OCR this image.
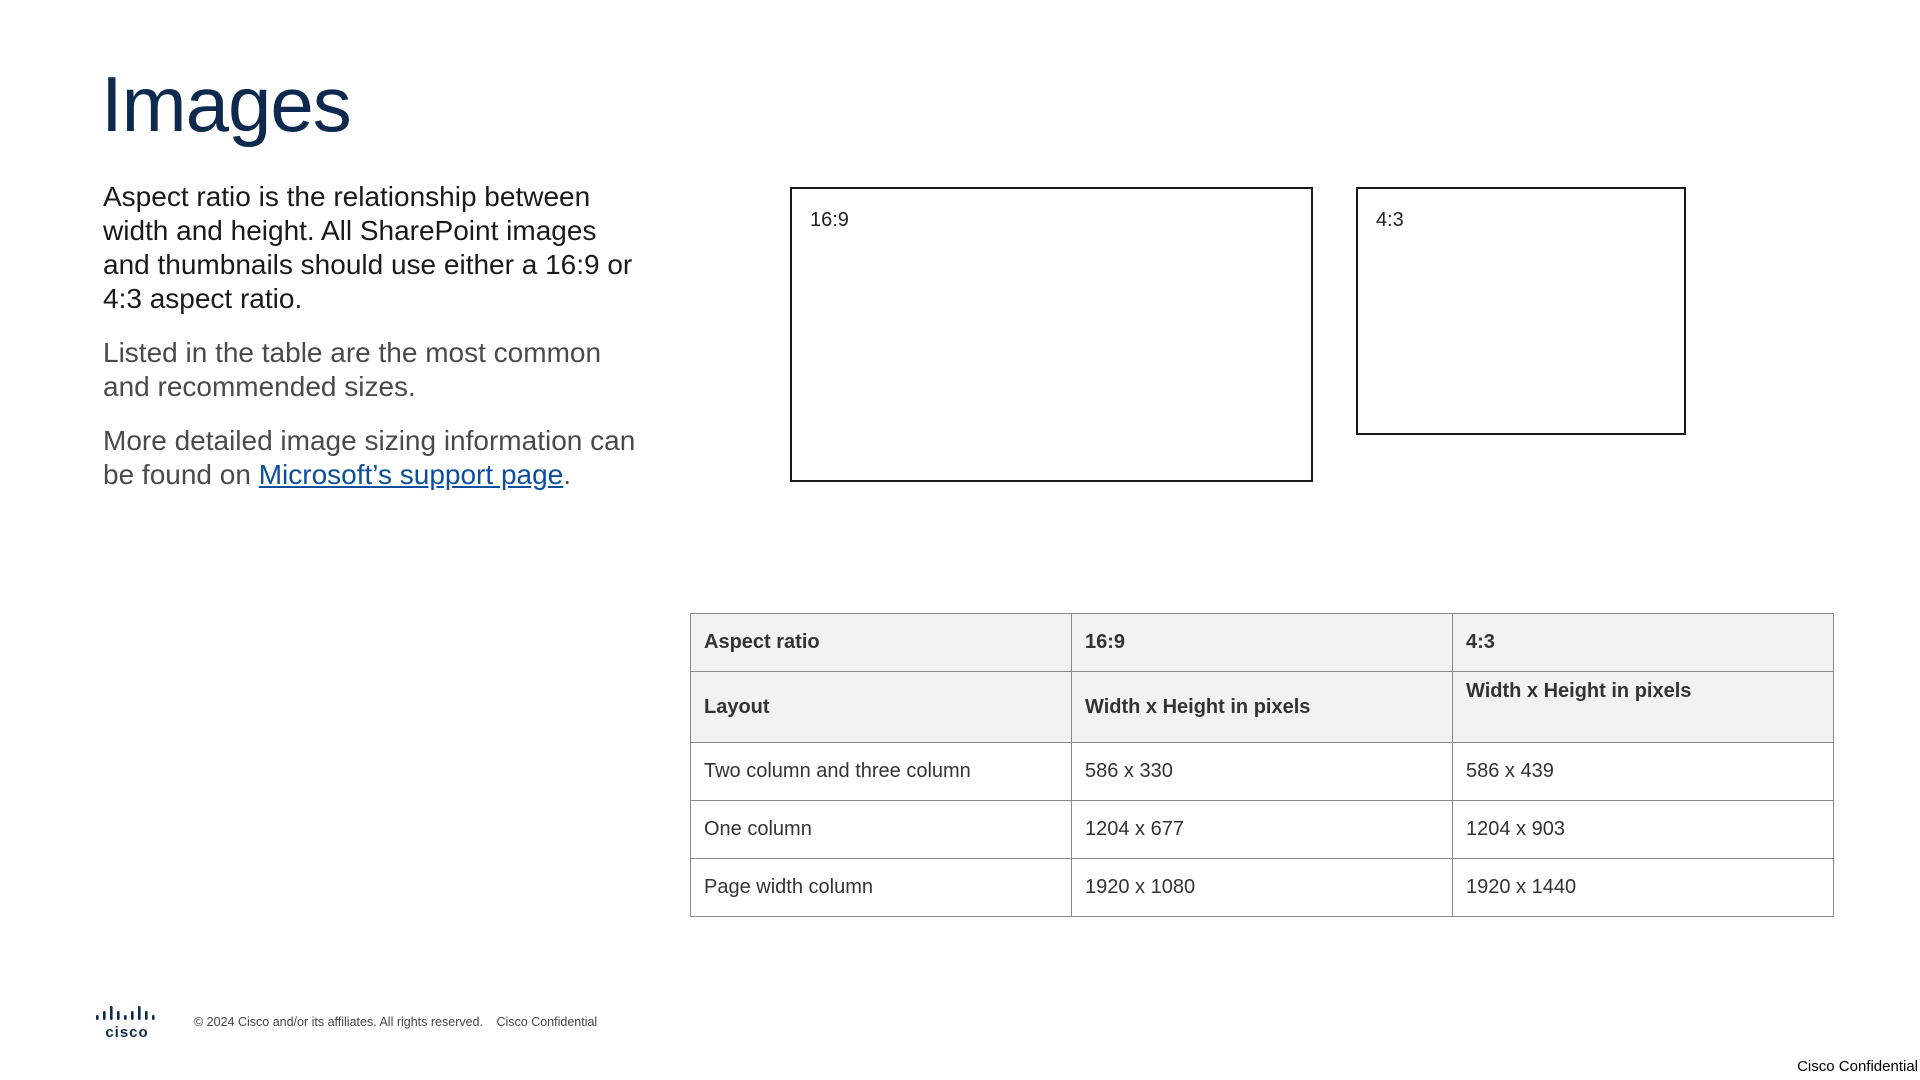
Images

Aspect ratio is the relationship between width and height. All SharePoint images and thumbnails should use either a 16:9 or 4:3 aspect ratio.

Listed in the table are the most common and recommended sizes.

More detailed image sizing information can be found on Microsoft’s support page.

16:9	4:3
Aspect ratio	16:9	4:3
Layout	Width x Height in pixels	Width x Height in pixels
Two column and three column	586 x 330	586 x 439
One column	1204 x 677	1204 x 903
Page width column	1920 x 1080	1920 x 1440
cisco
© 2024 Cisco and/or its affiliates. All rights reserved. Cisco Confidential
Cisco Confidential
